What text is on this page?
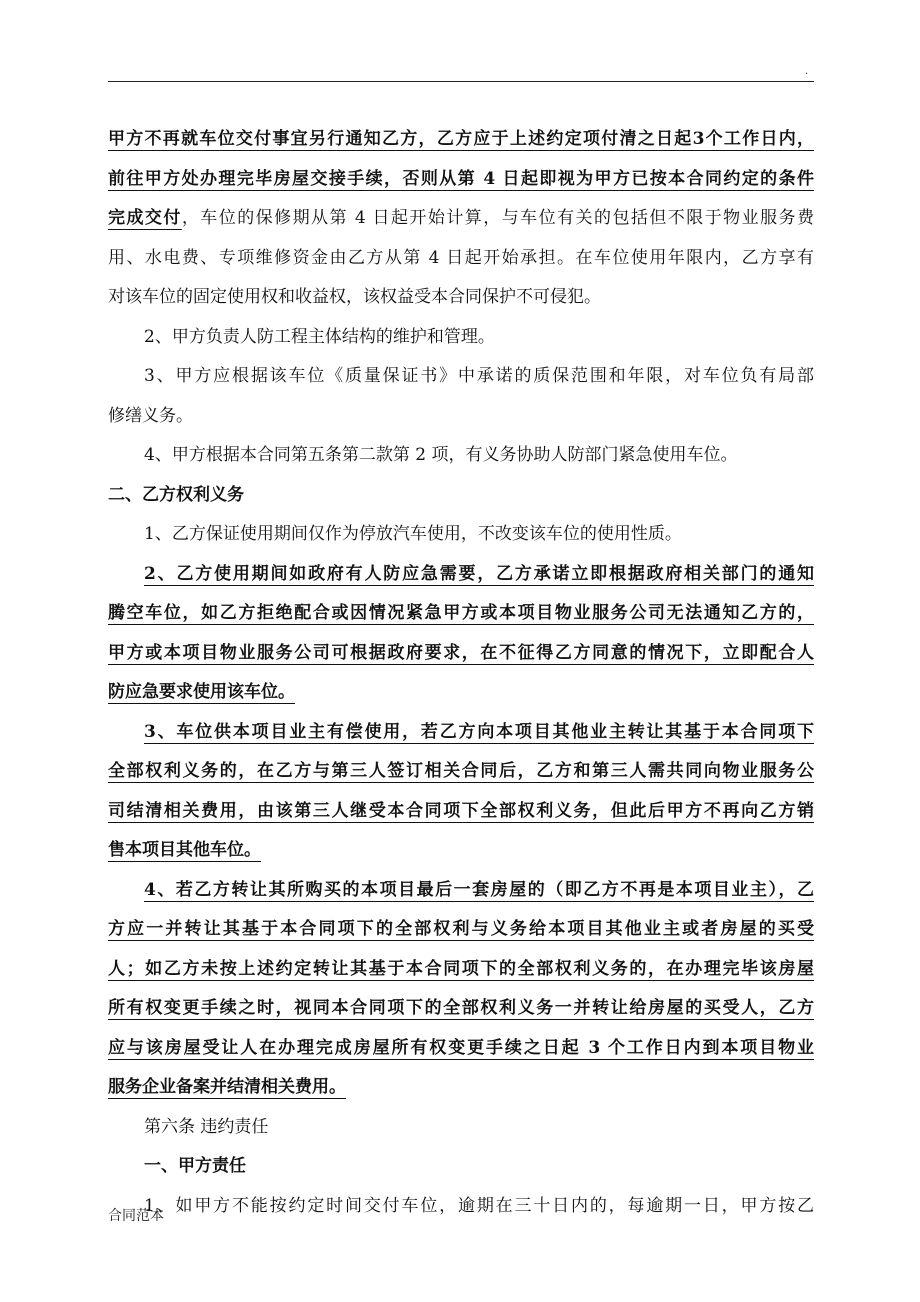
.
甲方不再就车位交付事宜另行通知乙方，乙方应于上述约定项付清之日起3个工作日内，
前往甲方处办理完毕房屋交接手续，否则从第 4 日起即视为甲方已按本合同约定的条件
完成交付，车位的保修期从第 4 日起开始计算，与车位有关的包括但不限于物业服务费
用、水电费、专项维修资金由乙方从第 4 日起开始承担。在车位使用年限内，乙方享有
对该车位的固定使用权和收益权，该权益受本合同保护不可侵犯。
2、甲方负责人防工程主体结构的维护和管理。
3、甲方应根据该车位《质量保证书》中承诺的质保范围和年限，对车位负有局部
修缮义务。
4、甲方根据本合同第五条第二款第 2 项，有义务协助人防部门紧急使用车位。
二、乙方权利义务
1、乙方保证使用期间仅作为停放汽车使用，不改变该车位的使用性质。
2、乙方使用期间如政府有人防应急需要，乙方承诺立即根据政府相关部门的通知
腾空车位，如乙方拒绝配合或因情况紧急甲方或本项目物业服务公司无法通知乙方的，
甲方或本项目物业服务公司可根据政府要求，在不征得乙方同意的情况下，立即配合人
防应急要求使用该车位。
3、车位供本项目业主有偿使用，若乙方向本项目其他业主转让其基于本合同项下
全部权利义务的，在乙方与第三人签订相关合同后，乙方和第三人需共同向物业服务公
司结清相关费用，由该第三人继受本合同项下全部权利义务，但此后甲方不再向乙方销
售本项目其他车位。
4、若乙方转让其所购买的本项目最后一套房屋的（即乙方不再是本项目业主），乙
方应一并转让其基于本合同项下的全部权利与义务给本项目其他业主或者房屋的买受
人；如乙方未按上述约定转让其基于本合同项下的全部权利义务的，在办理完毕该房屋
所有权变更手续之时，视同本合同项下的全部权利义务一并转让给房屋的买受人，乙方
应与该房屋受让人在办理完成房屋所有权变更手续之日起 3 个工作日内到本项目物业
服务企业备案并结清相关费用。
第六条 违约责任
一、甲方责任
1、如甲方不能按约定时间交付车位，逾期在三十日内的，每逾期一日，甲方按乙
合同范本
